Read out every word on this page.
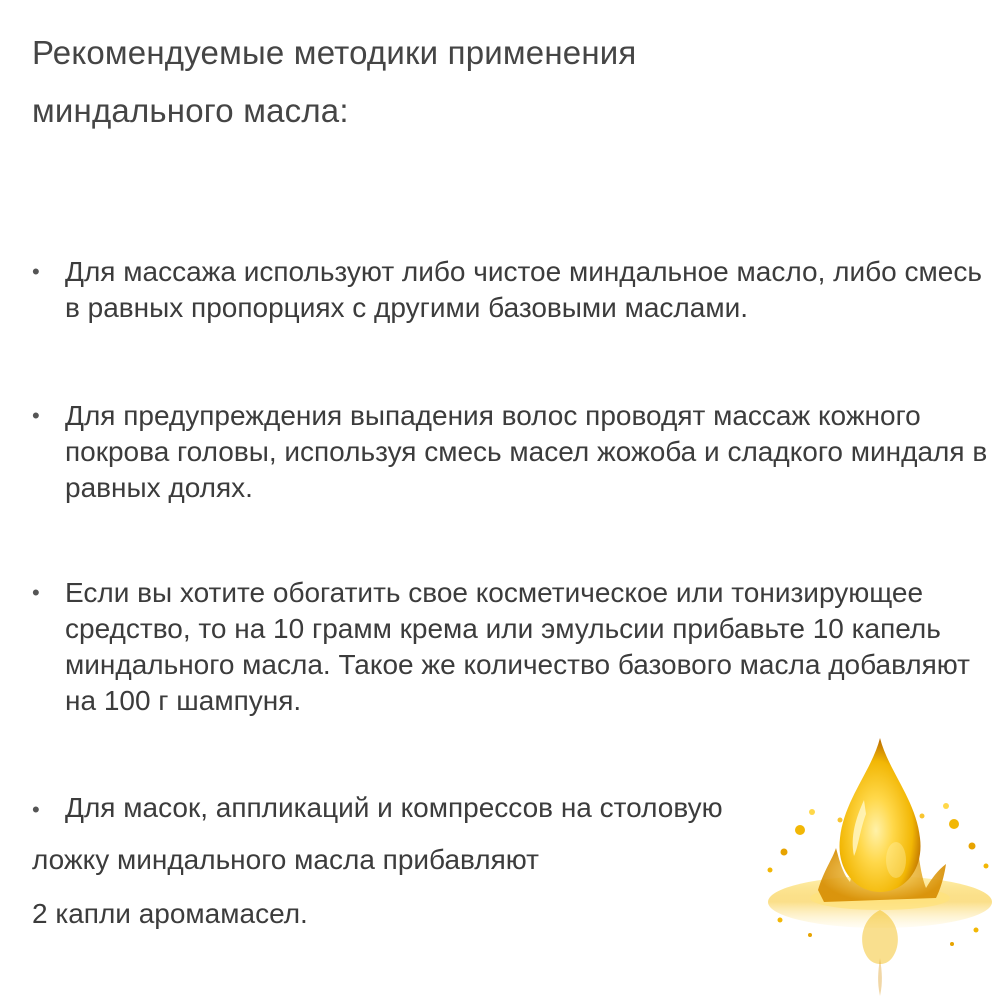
Рекомендуемые методики применения
миндального масла:
• Для массажа используют либо чистое миндальное масло, либо смесь в равных пропорциях с другими базовыми маслами.
• Для предупреждения выпадения волос проводят массаж кожного покрова головы, используя смесь масел жожоба и сладкого миндаля в равных долях.
• Если вы хотите обогатить свое косметическое или тонизирующее средство, то на 10 грамм крема или эмульсии прибавьте 10 капель миндального масла. Такое же количество базового масла добавляют на 100 г шампуня.
• Для масок, аппликаций и компрессов на столовую
ложку миндального масла прибавляют
2 капли аромамасел.
